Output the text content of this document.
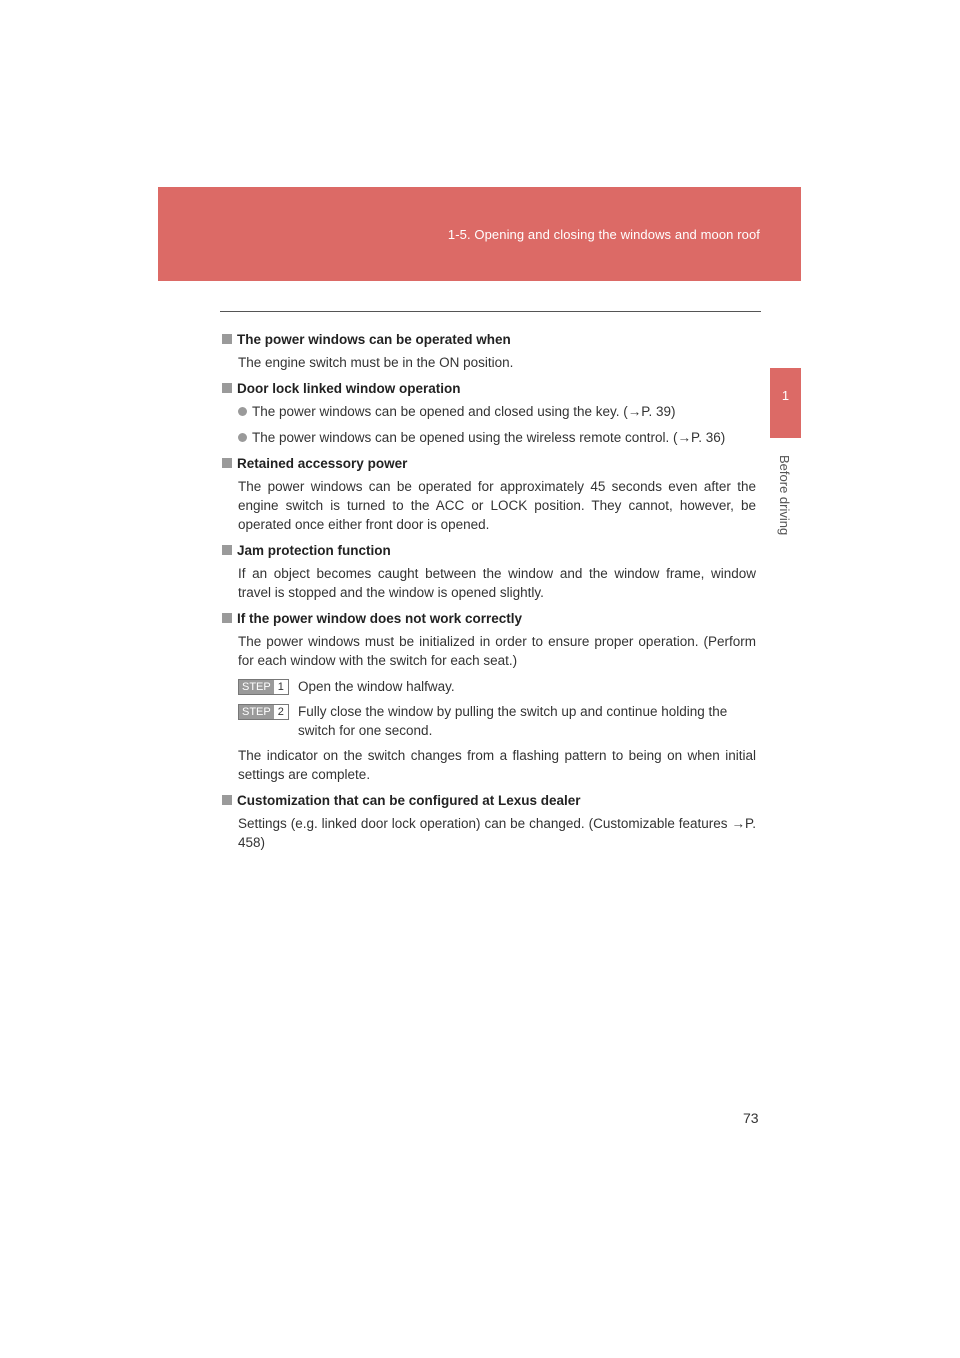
1-5. Opening and closing the windows and moon roof
1
Before driving
The power windows can be operated when
The engine switch must be in the ON position.
Door lock linked window operation
The power windows can be opened and closed using the key. (→P. 39)
The power windows can be opened using the wireless remote control. (→P. 36)
Retained accessory power
The power windows can be operated for approximately 45 seconds even after the engine switch is turned to the ACC or LOCK position. They cannot, however, be operated once either front door is opened.
Jam protection function
If an object becomes caught between the window and the window frame, window travel is stopped and the window is opened slightly.
If the power window does not work correctly
The power windows must be initialized in order to ensure proper operation. (Perform for each window with the switch for each seat.)
STEP 1 Open the window halfway.
STEP 2 Fully close the window by pulling the switch up and continue holding the switch for one second.
The indicator on the switch changes from a flashing pattern to being on when initial settings are complete.
Customization that can be configured at Lexus dealer
Settings (e.g. linked door lock operation) can be changed. (Customizable features →P. 458)
73
